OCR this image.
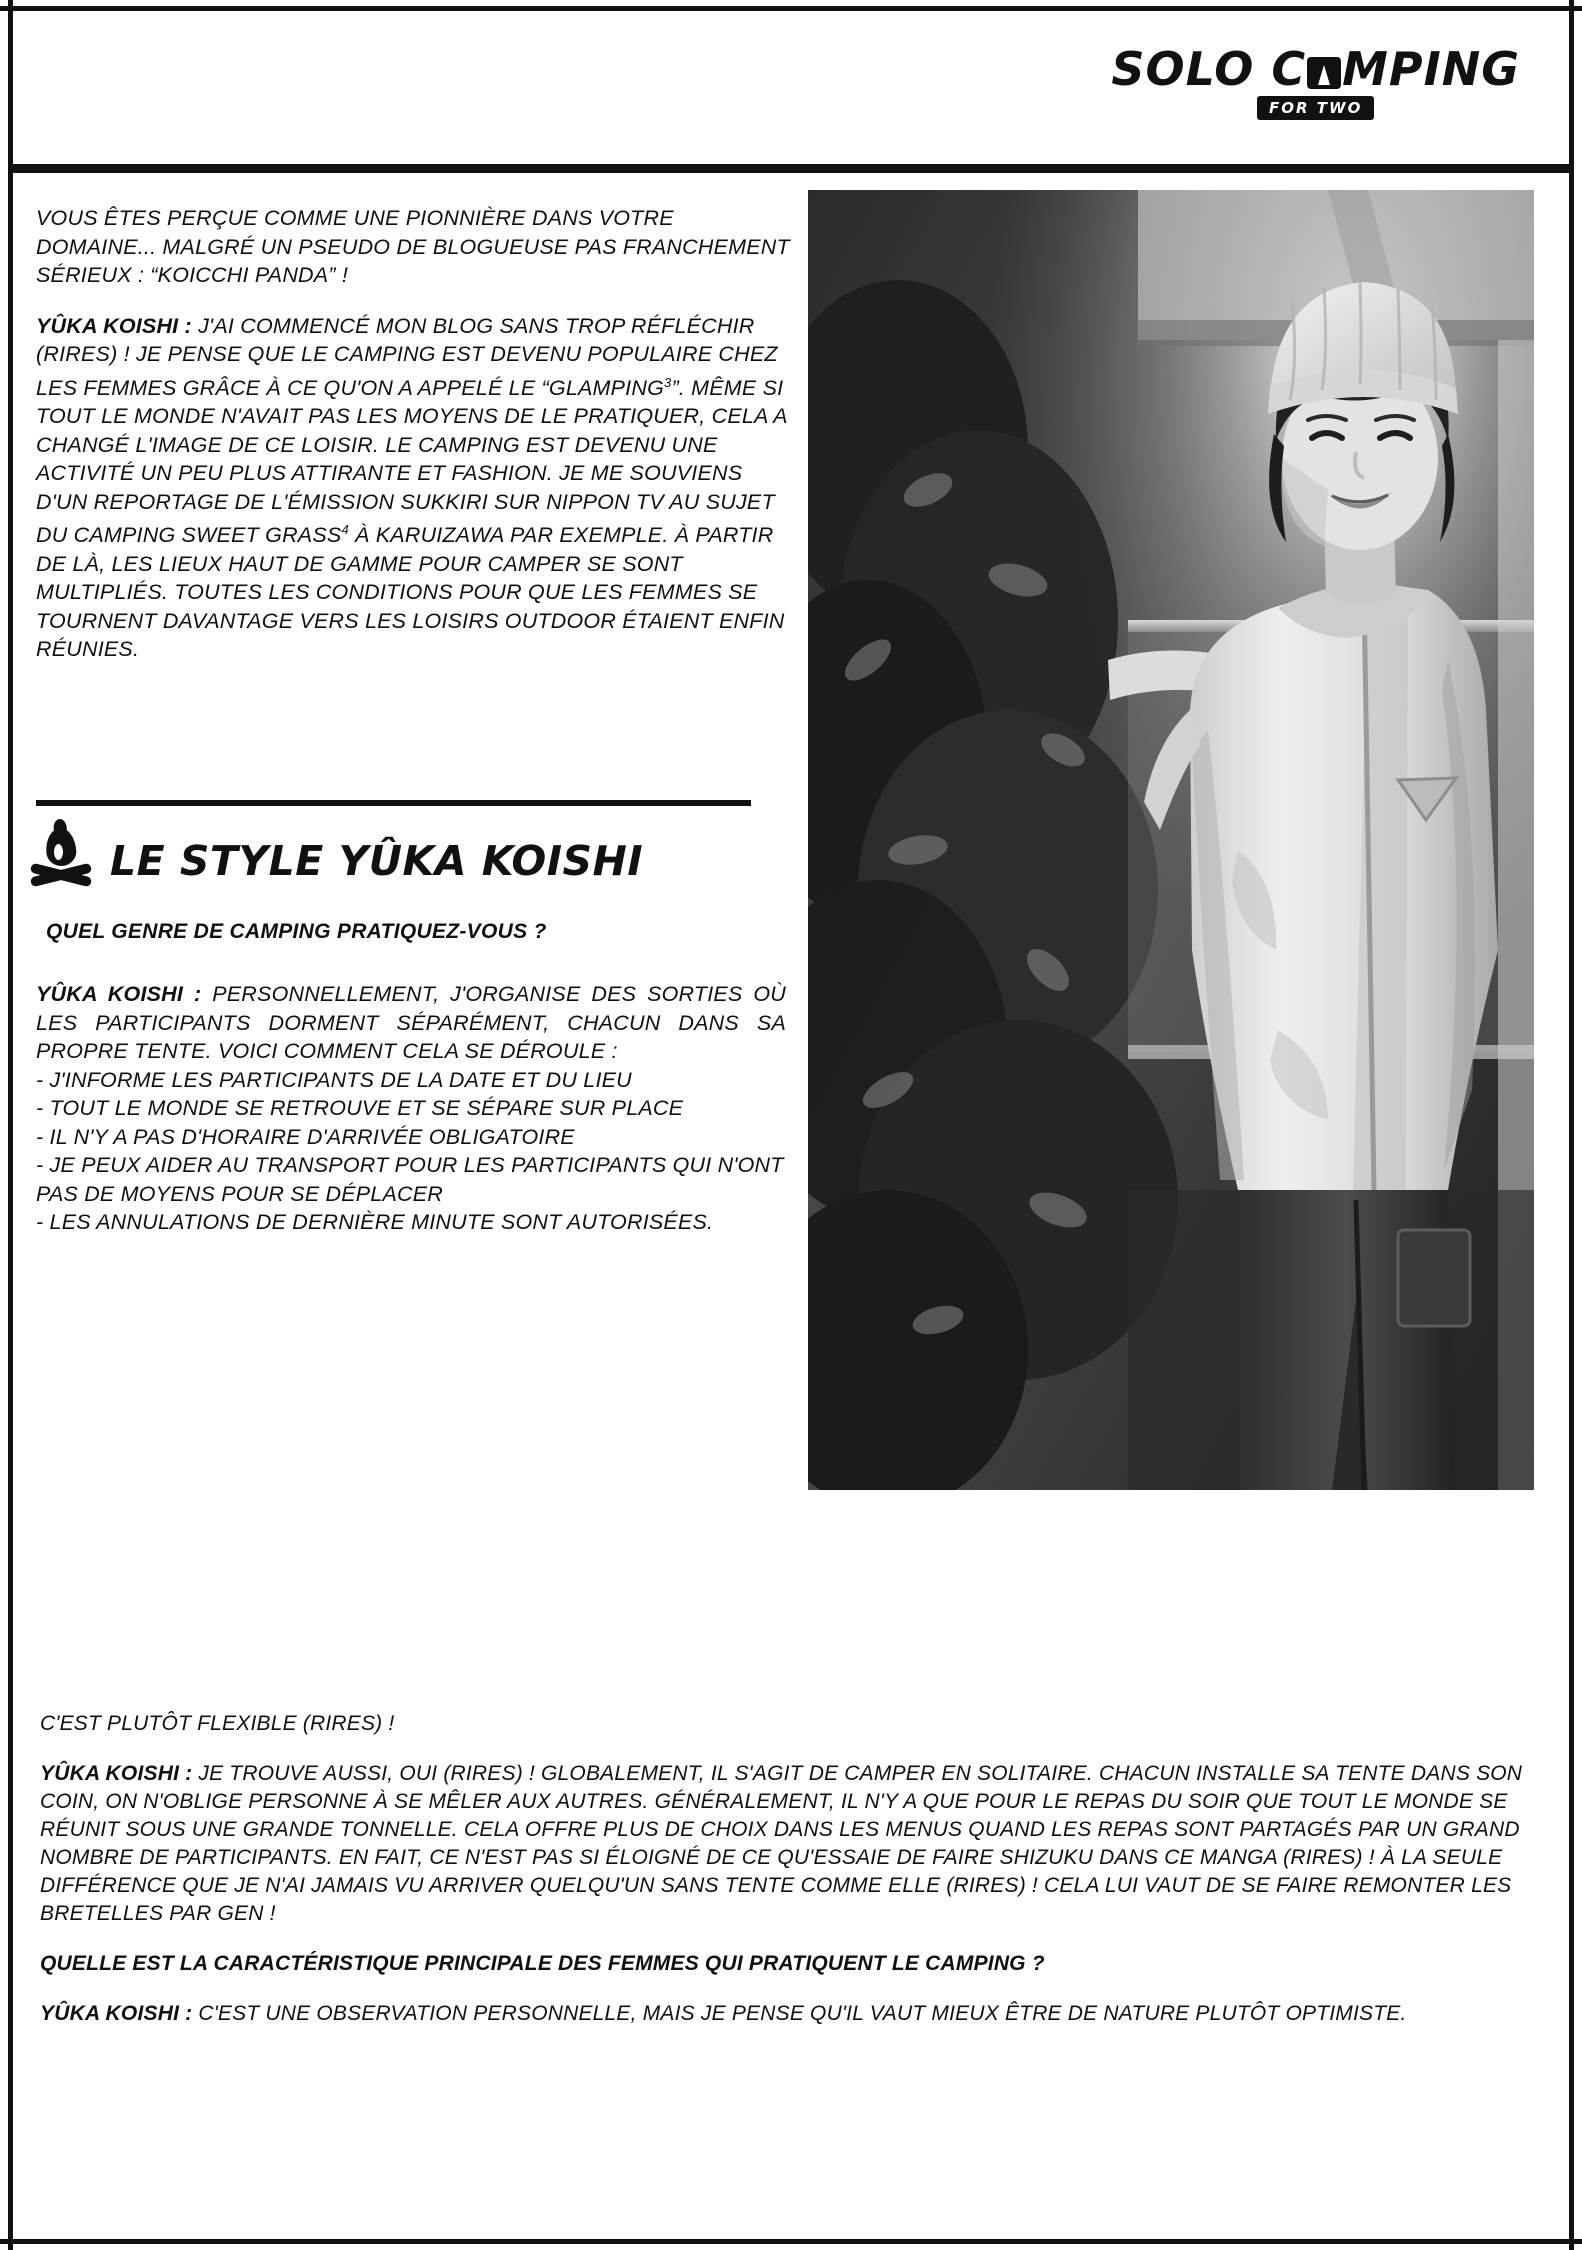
SOLO C MPING
FOR TWO

VOUS ÊTES PERÇUE COMME UNE PIONNIÈRE DANS VOTRE DOMAINE... MALGRÉ UN PSEUDO DE BLOGUEUSE PAS FRANCHEMENT SÉRIEUX : “KOICCHI PANDA” !

YÛKA KOISHI : J'AI COMMENCÉ MON BLOG SANS TROP RÉFLÉCHIR (RIRES) ! JE PENSE QUE LE CAMPING EST DEVENU POPULAIRE CHEZ LES FEMMES GRÂCE À CE QU'ON A APPELÉ LE “GLAMPING$^3$”. MÊME SI TOUT LE MONDE N'AVAIT PAS LES MOYENS DE LE PRATIQUER, CELA A CHANGÉ L'IMAGE DE CE LOISIR. LE CAMPING EST DEVENU UNE ACTIVITÉ UN PEU PLUS ATTIRANTE ET FASHION. JE ME SOUVIENS D'UN REPORTAGE DE L'ÉMISSION SUKKIRI SUR NIPPON TV AU SUJET DU CAMPING SWEET GRASS$^4$ À KARUIZAWA PAR EXEMPLE. À PARTIR DE LÀ, LES LIEUX HAUT DE GAMME POUR CAMPER SE SONT MULTIPLIÉS. TOUTES LES CONDITIONS POUR QUE LES FEMMES SE TOURNENT DAVANTAGE VERS LES LOISIRS OUTDOOR ÉTAIENT ENFIN RÉUNIES.

LE STYLE YÛKA KOISHI
QUEL GENRE DE CAMPING PRATIQUEZ-VOUS ?

YÛKA KOISHI : PERSONNELLEMENT, J'ORGANISE DES SORTIES OÙ LES PARTICIPANTS DORMENT SÉPARÉMENT, CHACUN DANS SA PROPRE TENTE. VOICI COMMENT CELA SE DÉROULE :

- J'INFORME LES PARTICIPANTS DE LA DATE ET DU LIEU

- TOUT LE MONDE SE RETROUVE ET SE SÉPARE SUR PLACE

- IL N'Y A PAS D'HORAIRE D'ARRIVÉE OBLIGATOIRE

- JE PEUX AIDER AU TRANSPORT POUR LES PARTICIPANTS QUI N'ONT PAS DE MOYENS POUR SE DÉPLACER

- LES ANNULATIONS DE DERNIÈRE MINUTE SONT AUTORISÉES.

C'EST PLUTÔT FLEXIBLE (RIRES) !

YÛKA KOISHI : JE TROUVE AUSSI, OUI (RIRES) ! GLOBALEMENT, IL S'AGIT DE CAMPER EN SOLITAIRE. CHACUN INSTALLE SA TENTE DANS SON COIN, ON N'OBLIGE PERSONNE À SE MÊLER AUX AUTRES. GÉNÉRALEMENT, IL N'Y A QUE POUR LE REPAS DU SOIR QUE TOUT LE MONDE SE RÉUNIT SOUS UNE GRANDE TONNELLE. CELA OFFRE PLUS DE CHOIX DANS LES MENUS QUAND LES REPAS SONT PARTAGÉS PAR UN GRAND NOMBRE DE PARTICIPANTS. EN FAIT, CE N'EST PAS SI ÉLOIGNÉ DE CE QU'ESSAIE DE FAIRE SHIZUKU DANS CE MANGA (RIRES) ! À LA SEULE DIFFÉRENCE QUE JE N'AI JAMAIS VU ARRIVER QUELQU'UN SANS TENTE COMME ELLE (RIRES) ! CELA LUI VAUT DE SE FAIRE REMONTER LES BRETELLES PAR GEN !

QUELLE EST LA CARACTÉRISTIQUE PRINCIPALE DES FEMMES QUI PRATIQUENT LE CAMPING ?

YÛKA KOISHI : C'EST UNE OBSERVATION PERSONNELLE, MAIS JE PENSE QU'IL VAUT MIEUX ÊTRE DE NATURE PLUTÔT OPTIMISTE.
